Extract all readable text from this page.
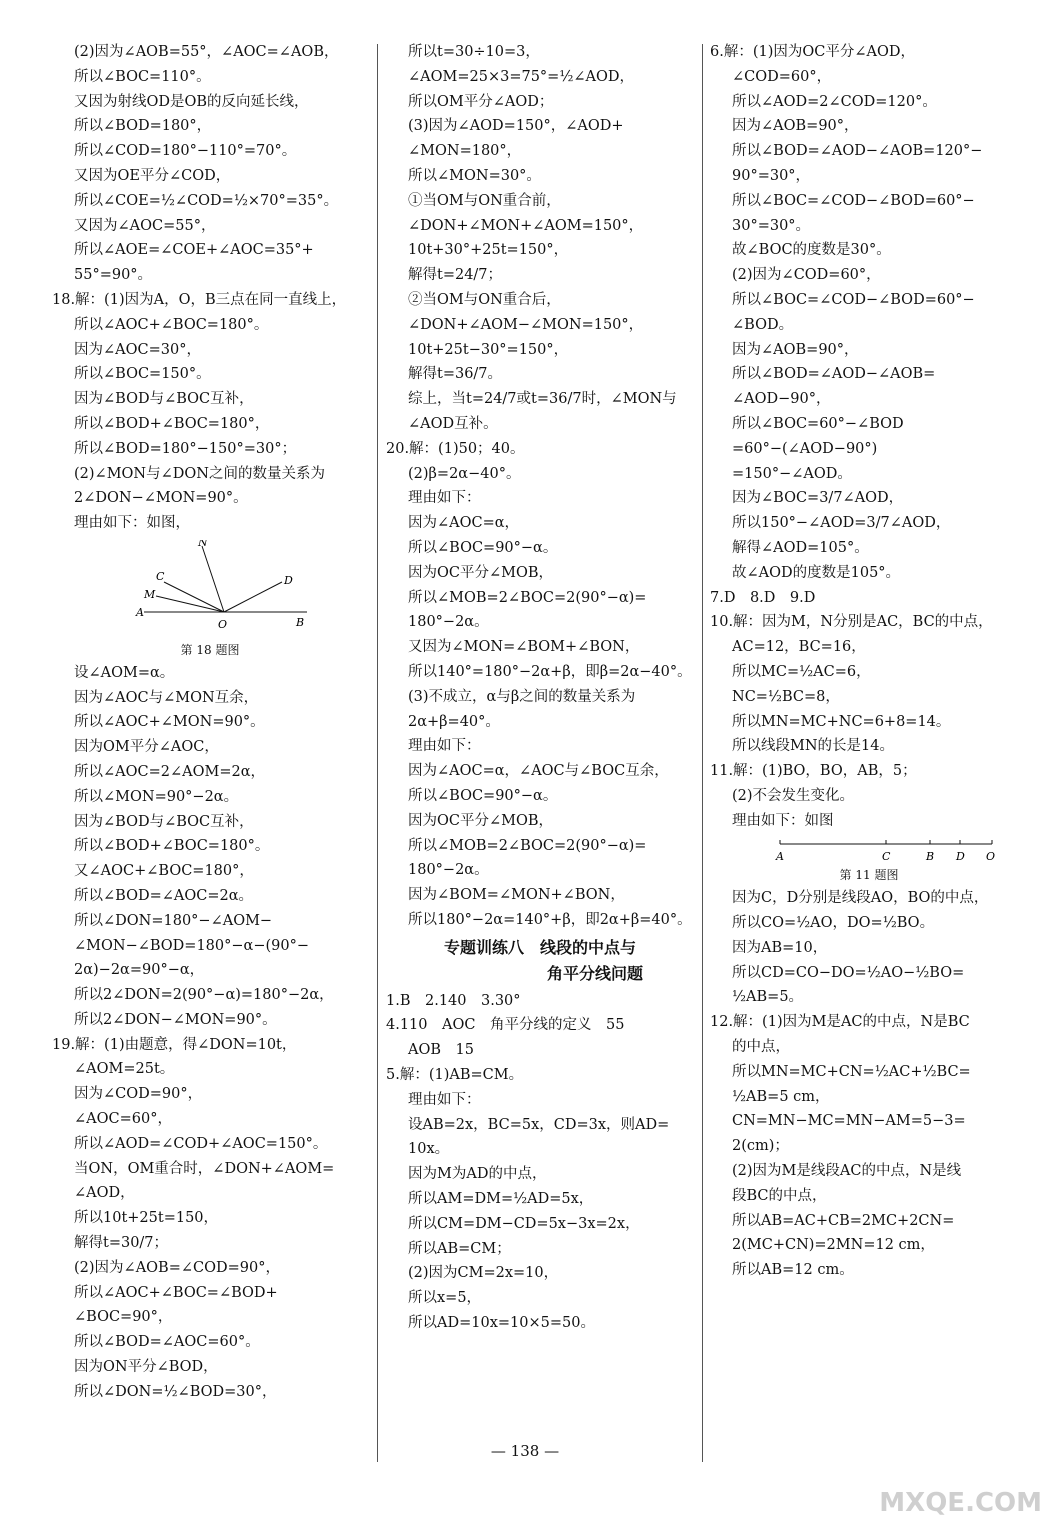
(2)因为∠AOB=55°，∠AOC=∠AOB，
所以∠BOC=110°。
又因为射线OD是OB的反向延长线，
所以∠BOD=180°，
所以∠COD=180°−110°=70°。
又因为OE平分∠COD，
所以∠COE=½∠COD=½×70°=35°。
又因为∠AOC=55°，
所以∠AOE=∠COE+∠AOC=35°+
55°=90°。
18.解：(1)因为A，O，B三点在同一直线上，
所以∠AOC+∠BOC=180°。
因为∠AOC=30°，
所以∠BOC=150°。
因为∠BOD与∠BOC互补，
所以∠BOD+∠BOC=180°，
所以∠BOD=180°−150°=30°；
(2)∠MON与∠DON之间的数量关系为
2∠DON−∠MON=90°。
理由如下：如图，
N
C
M
A
O
D
B
第 18 题图
设∠AOM=α。
因为∠AOC与∠MON互余，
所以∠AOC+∠MON=90°。
因为OM平分∠AOC，
所以∠AOC=2∠AOM=2α，
所以∠MON=90°−2α。
因为∠BOD与∠BOC互补，
所以∠BOD+∠BOC=180°。
又∠AOC+∠BOC=180°，
所以∠BOD=∠AOC=2α。
所以∠DON=180°−∠AOM−
∠MON−∠BOD=180°−α−(90°−
2α)−2α=90°−α，
所以2∠DON=2(90°−α)=180°−2α，
所以2∠DON−∠MON=90°。
19.解：(1)由题意，得∠DON=10t，
∠AOM=25t。
因为∠COD=90°，
∠AOC=60°，
所以∠AOD=∠COD+∠AOC=150°。
当ON，OM重合时，∠DON+∠AOM=
∠AOD，
所以10t+25t=150，
解得t=30/7；
(2)因为∠AOB=∠COD=90°，
所以∠AOC+∠BOC=∠BOD+
∠BOC=90°，
所以∠BOD=∠AOC=60°。
因为ON平分∠BOD，
所以∠DON=½∠BOD=30°，
所以t=30÷10=3，
∠AOM=25×3=75°=½∠AOD，
所以OM平分∠AOD；
(3)因为∠AOD=150°，∠AOD+
∠MON=180°，
所以∠MON=30°。
①当OM与ON重合前，
∠DON+∠MON+∠AOM=150°，
10t+30°+25t=150°，
解得t=24/7；
②当OM与ON重合后，
∠DON+∠AOM−∠MON=150°，
10t+25t−30°=150°，
解得t=36/7。
综上，当t=24/7或t=36/7时，∠MON与
∠AOD互补。
20.解：(1)50；40。
(2)β=2α−40°。
理由如下：
因为∠AOC=α，
所以∠BOC=90°−α。
因为OC平分∠MOB，
所以∠MOB=2∠BOC=2(90°−α)=
180°−2α。
又因为∠MON=∠BOM+∠BON，
所以140°=180°−2α+β，即β=2α−40°。
(3)不成立，α与β之间的数量关系为
2α+β=40°。
理由如下：
因为∠AOC=α，∠AOC与∠BOC互余，
所以∠BOC=90°−α。
因为OC平分∠MOB，
所以∠MOB=2∠BOC=2(90°−α)=
180°−2α。
因为∠BOM=∠MON+∠BON，
所以180°−2α=140°+β，即2α+β=40°。
专题训练八　线段的中点与
角平分线问题
1.B　2.140　3.30°
4.110　AOC　角平分线的定义　55
AOB　15
5.解：(1)AB=CM。
理由如下：
设AB=2x，BC=5x，CD=3x，则AD=
10x。
因为M为AD的中点，
所以AM=DM=½AD=5x，
所以CM=DM−CD=5x−3x=2x，
所以AB=CM；
(2)因为CM=2x=10，
所以x=5，
所以AD=10x=10×5=50。
6.解：(1)因为OC平分∠AOD，
∠COD=60°，
所以∠AOD=2∠COD=120°。
因为∠AOB=90°，
所以∠BOD=∠AOD−∠AOB=120°−
90°=30°，
所以∠BOC=∠COD−∠BOD=60°−
30°=30°。
故∠BOC的度数是30°。
(2)因为∠COD=60°，
所以∠BOC=∠COD−∠BOD=60°−
∠BOD。
因为∠AOB=90°，
所以∠BOD=∠AOD−∠AOB=
∠AOD−90°，
所以∠BOC=60°−∠BOD
=60°−(∠AOD−90°)
=150°−∠AOD。
因为∠BOC=3/7∠AOD，
所以150°−∠AOD=3/7∠AOD，
解得∠AOD=105°。
故∠AOD的度数是105°。
7.D　8.D　9.D
10.解：因为M，N分别是AC，BC的中点，
AC=12，BC=16，
所以MC=½AC=6，
NC=½BC=8，
所以MN=MC+NC=6+8=14。
所以线段MN的长是14。
11.解：(1)BO，BO，AB，5；
(2)不会发生变化。
理由如下：如图
A	C	B D O
第 11 题图
因为C，D分别是线段AO，BO的中点，
所以CO=½AO，DO=½BO。
因为AB=10，
所以CD=CO−DO=½AO−½BO=
½AB=5。
12.解：(1)因为M是AC的中点，N是BC
的中点，
所以MN=MC+CN=½AC+½BC=
½AB=5 cm，
CN=MN−MC=MN−AM=5−3=
2(cm)；
(2)因为M是线段AC的中点，N是线
段BC的中点，
所以AB=AC+CB=2MC+2CN=
2(MC+CN)=2MN=12 cm，
所以AB=12 cm。
— 138 —
MXQE.COM
